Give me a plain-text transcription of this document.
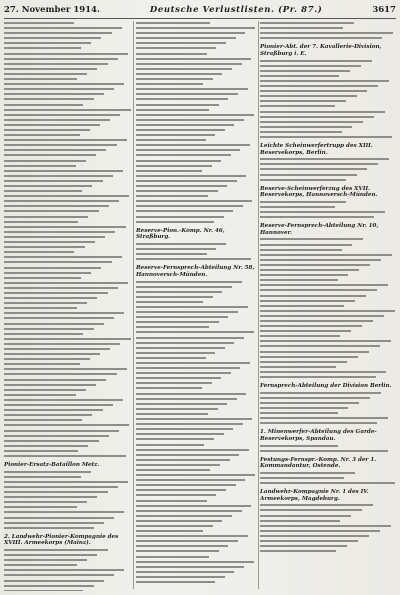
27. November 1914.	Deutsche Verlustlisten. (Pr. 87.)	3617
Pionier-Ersatz-Bataillon Metz.
2. Landwehr-Pionier-Kompagnie des XVIII. Armeekorps (Mainz).
Reserve-Pion.-Komp. Nr. 46, Straßburg.
Reserve-Fernsprech-Abteilung Nr. 58, Hannoversch-Münden.
Pionier-Abt. der 7. Kavallerie-Division, Straßburg i. E.
Leichte Scheinwerfertrupp des XIII. Reservekorps, Berlin.
Reserve-Scheinwerferzug des XVII. Reservekorps, Hannoversch-Münden.
Reserve-Fernsprech-Abteilung Nr. 10, Hannover.
Fernsprech-Abteilung der Division Berlin.
1. Minenwerfer-Abteilung des Garde-Reservekorps, Spandau.
Festungs-Fernspr.-Komp. Nr. 3 der 1. Kommandantur, Ostende.
Landwehr-Kompagnie Nr. 1 des IV. Armeekorps, Magdeburg.
